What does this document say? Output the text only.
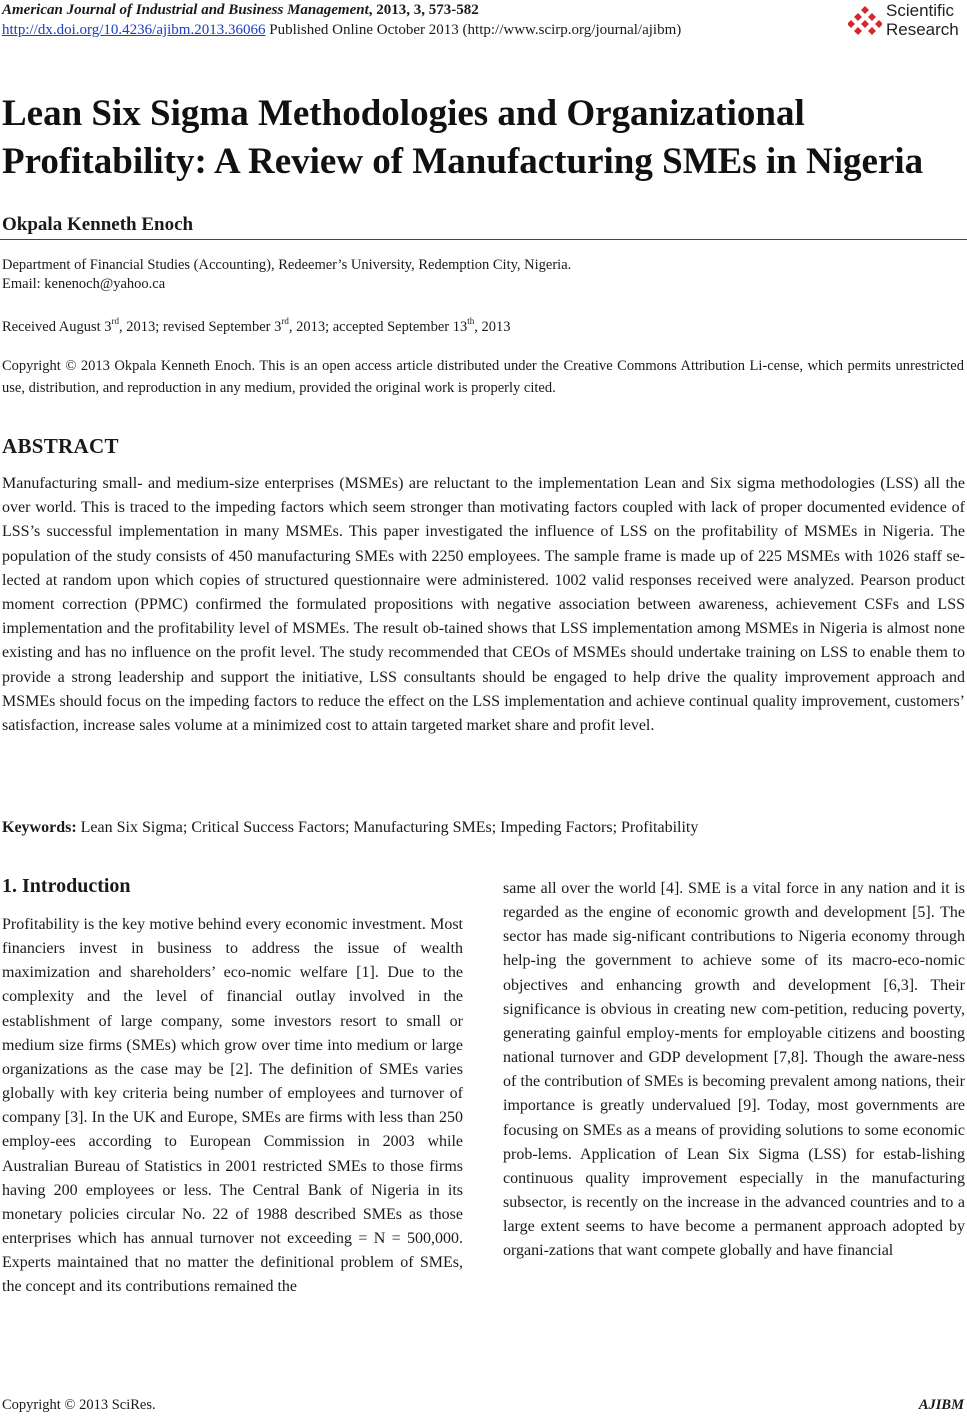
American Journal of Industrial and Business Management, 2013, 3, 573-582
http://dx.doi.org/10.4236/ajibm.2013.36066 Published Online October 2013 (http://www.scirp.org/journal/ajibm)
Scientific
Research
Lean Six Sigma Methodologies and Organizational Profitability: A Review of Manufacturing SMEs in Nigeria
Okpala Kenneth Enoch
Department of Financial Studies (Accounting), Redeemer’s University, Redemption City, Nigeria.
Email: kenenoch@yahoo.ca
Received August 3rd, 2013; revised September 3rd, 2013; accepted September 13th, 2013

Copyright © 2013 Okpala Kenneth Enoch. This is an open access article distributed under the Creative Commons Attribution Li-cense, which permits unrestricted use, distribution, and reproduction in any medium, provided the original work is properly cited.

ABSTRACT

Manufacturing small- and medium-size enterprises (MSMEs) are reluctant to the implementation Lean and Six sigma methodologies (LSS) all the over world. This is traced to the impeding factors which seem stronger than motivating factors coupled with lack of proper documented evidence of LSS’s successful implementation in many MSMEs. This paper investigated the influence of LSS on the profitability of MSMEs in Nigeria. The population of the study consists of 450 manufacturing SMEs with 2250 employees. The sample frame is made up of 225 MSMEs with 1026 staff se-lected at random upon which copies of structured questionnaire were administered. 1002 valid responses received were analyzed. Pearson product moment correction (PPMC) confirmed the formulated propositions with negative association between awareness, achievement CSFs and LSS implementation and the profitability level of MSMEs. The result ob-tained shows that LSS implementation among MSMEs in Nigeria is almost none existing and has no influence on the profit level. The study recommended that CEOs of MSMEs should undertake training on LSS to enable them to provide a strong leadership and support the initiative, LSS consultants should be engaged to help drive the quality improvement approach and MSMEs should focus on the impeding factors to reduce the effect on the LSS implementation and achieve continual quality improvement, customers’ satisfaction, increase sales volume at a minimized cost to attain targeted market share and profit level.

Keywords: Lean Six Sigma; Critical Success Factors; Manufacturing SMEs; Impeding Factors; Profitability
1. Introduction

Profitability is the key motive behind every economic investment. Most financiers invest in business to address the issue of wealth maximization and shareholders’ eco-nomic welfare [1]. Due to the complexity and the level of financial outlay involved in the establishment of large company, some investors resort to small or medium size firms (SMEs) which grow over time into medium or large organizations as the case may be [2]. The definition of SMEs varies globally with key criteria being number of employees and turnover of company [3]. In the UK and Europe, SMEs are firms with less than 250 employ-ees according to European Commission in 2003 while Australian Bureau of Statistics in 2001 restricted SMEs to those firms having 200 employees or less. The Central Bank of Nigeria in its monetary policies circular No. 22 of 1988 described SMEs as those enterprises which has annual turnover not exceeding = N = 500,000. Experts maintained that no matter the definitional problem of SMEs, the concept and its contributions remained the

same all over the world [4]. SME is a vital force in any nation and it is regarded as the engine of economic growth and development [5]. The sector has made sig-nificant contributions to Nigeria economy through help-ing the government to achieve some of its macro-eco-nomic objectives and enhancing growth and development [6,3]. Their significance is obvious in creating new com-petition, reducing poverty, generating gainful employ-ments for employable citizens and boosting national turnover and GDP development [7,8]. Though the aware-ness of the contribution of SMEs is becoming prevalent among nations, their importance is greatly undervalued [9]. Today, most governments are focusing on SMEs as a means of providing solutions to some economic prob-lems. Application of Lean Six Sigma (LSS) for estab-lishing continuous quality improvement especially in the manufacturing subsector, is recently on the increase in the advanced countries and to a large extent seems to have become a permanent approach adopted by organi-zations that want compete globally and have financial

Copyright © 2013 SciRes.	AJIBM
